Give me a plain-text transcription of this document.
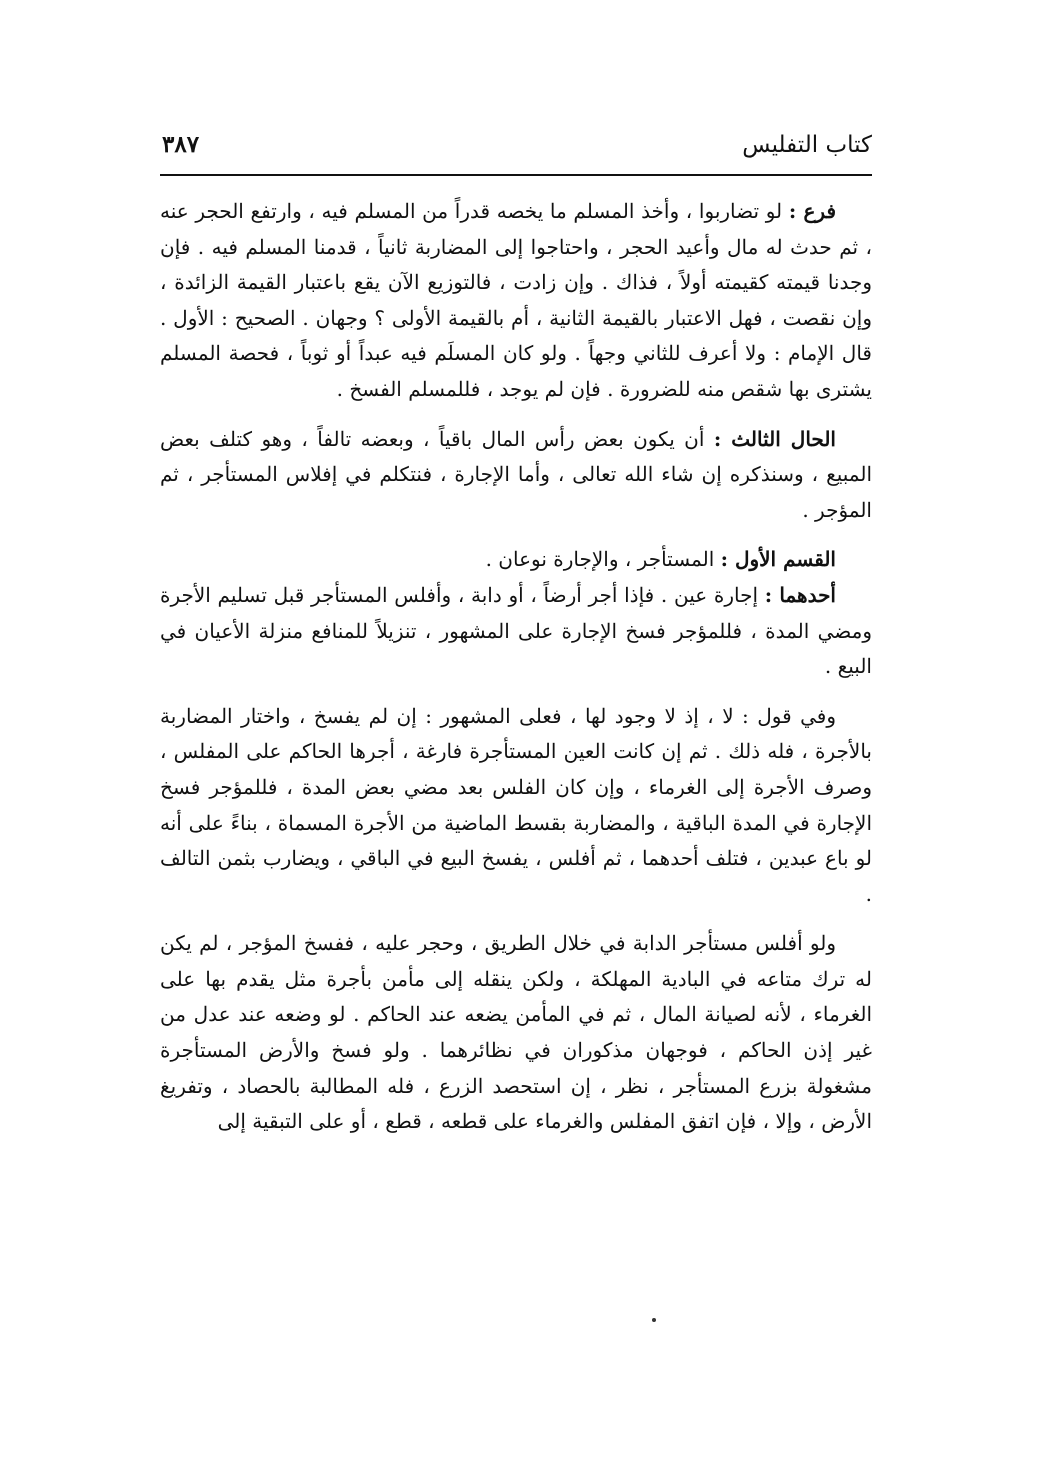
كتاب التفليس
٣٨٧

فرع : لو تضاربوا ، وأخذ المسلم ما يخصه قدراً من المسلم فيه ، وارتفع الحجر عنه ، ثم حدث له مال وأعيد الحجر ، واحتاجوا إلى المضاربة ثانياً ، قدمنا المسلم فيه . فإن وجدنا قيمته كقيمته أولاً ، فذاك . وإن زادت ، فالتوزيع الآن يقع باعتبار القيمة الزائدة ، وإن نقصت ، فهل الاعتبار بالقيمة الثانية ، أم بالقيمة الأولى ؟ وجهان . الصحيح : الأول . قال الإمام : ولا أعرف للثاني وجهاً . ولو كان المسلَم فيه عبداً أو ثوباً ، فحصة المسلم يشترى بها شقص منه للضرورة . فإن لم يوجد ، فللمسلم الفسخ .

الحال الثالث : أن يكون بعض رأس المال باقياً ، وبعضه تالفاً ، وهو كتلف بعض المبيع ، وسنذكره إن شاء الله تعالى ، وأما الإجارة ، فنتكلم في إفلاس المستأجر ، ثم المؤجر .

القسم الأول : المستأجر ، والإجارة نوعان .

أحدهما : إجارة عين . فإذا أجر أرضاً ، أو دابة ، وأفلس المستأجر قبل تسليم الأجرة ومضي المدة ، فللمؤجر فسخ الإجارة على المشهور ، تنزيلاً للمنافع منزلة الأعيان في البيع .

وفي قول : لا ، إذ لا وجود لها ، فعلى المشهور : إن لم يفسخ ، واختار المضاربة بالأجرة ، فله ذلك . ثم إن كانت العين المستأجرة فارغة ، أجرها الحاكم على المفلس ، وصرف الأجرة إلى الغرماء ، وإن كان الفلس بعد مضي بعض المدة ، فللمؤجر فسخ الإجارة في المدة الباقية ، والمضاربة بقسط الماضية من الأجرة المسماة ، بناءً على أنه لو باع عبدين ، فتلف أحدهما ، ثم أفلس ، يفسخ البيع في الباقي ، ويضارب بثمن التالف .

ولو أفلس مستأجر الدابة في خلال الطريق ، وحجر عليه ، ففسخ المؤجر ، لم يكن له ترك متاعه في البادية المهلكة ، ولكن ينقله إلى مأمن بأجرة مثل يقدم بها على الغرماء ، لأنه لصيانة المال ، ثم في المأمن يضعه عند الحاكم . لو وضعه عند عدل من غير إذن الحاكم ، فوجهان مذكوران في نظائرهما . ولو فسخ والأرض المستأجرة مشغولة بزرع المستأجر ، نظر ، إن استحصد الزرع ، فله المطالبة بالحصاد ، وتفريغ الأرض ، وإلا ، فإن اتفق المفلس والغرماء على قطعه ، قطع ، أو على التبقية إلى
